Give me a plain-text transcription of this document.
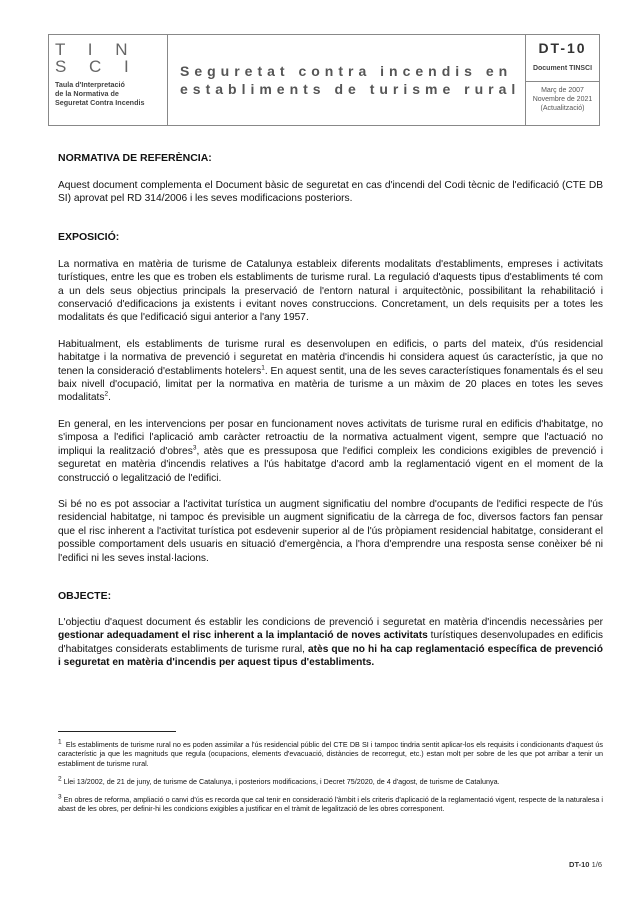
T I N S C I
Taula d'Interpretació
de la Normativa de
Seguretat Contra Incendis
Seguretat contra incendis en
establiments de turisme rural
DT-10
Document TINSCI
Març de 2007
Novembre de 2021
(Actualització)
NORMATIVA DE REFERÈNCIA:

Aquest document complementa el Document bàsic de seguretat en cas d'incendi del Codi tècnic de l'edificació (CTE DB SI) aprovat pel RD 314/2006 i les seves modificacions posteriors.

EXPOSICIÓ:

La normativa en matèria de turisme de Catalunya estableix diferents modalitats d'establiments, empreses i activitats turístiques, entre les que es troben els establiments de turisme rural. La regulació d'aquests tipus d'establiments té com a un dels seus objectius principals la preservació de l'entorn natural i arquitectònic, possibilitant la rehabilitació i conservació d'edificacions ja existents i evitant noves construccions. Concretament, un dels requisits per a totes les modalitats és que l'edificació sigui anterior a l'any 1957.

Habitualment, els establiments de turisme rural es desenvolupen en edificis, o parts del mateix, d'ús residencial habitatge i la normativa de prevenció i seguretat en matèria d'incendis hi considera aquest ús característic, ja que no tenen la consideració d'establiments hotelers$^1$. En aquest sentit, una de les seves característiques fonamentals és el seu baix nivell d'ocupació, limitat per la normativa en matèria de turisme a un màxim de 20 places en totes les seves modalitats$^2$.

En general, en les intervencions per posar en funcionament noves activitats de turisme rural en edificis d'habitatge, no s'imposa a l'edifici l'aplicació amb caràcter retroactiu de la normativa actualment vigent, sempre que l'actuació no impliqui la realització d'obres$^3$, atès que es pressuposa que l'edifici compleix les condicions exigibles de prevenció i seguretat en matèria d'incendis relatives a l'ús habitatge d'acord amb la reglamentació vigent en el moment de la construcció o legalització de l'edifici.

Si bé no es pot associar a l'activitat turística un augment significatiu del nombre d'ocupants de l'edifici respecte de l'ús residencial habitatge, ni tampoc és previsible un augment significatiu de la càrrega de foc, diversos factors fan pensar que el risc inherent a l'activitat turística pot esdevenir superior al de l'ús pròpiament residencial habitatge, considerant el possible comportament dels usuaris en situació d'emergència, a l'hora d'emprendre una resposta sense conèixer bé ni l'edifici ni les seves instal·lacions.

OBJECTE:

L'objectiu d'aquest document és establir les condicions de prevenció i seguretat en matèria d'incendis necessàries per gestionar adequadament el risc inherent a la implantació de noves activitats turístiques desenvolupades en edificis d'habitatges considerats establiments de turisme rural, atès que no hi ha cap reglamentació específica de prevenció i seguretat en matèria d'incendis per aquest tipus d'establiments.

$^1$ Els establiments de turisme rural no es poden assimilar a l'ús residencial públic del CTE DB SI i tampoc tindria sentit aplicar-los els requisits i condicionants d'aquest ús característic ja que les magnituds que regula (ocupacions, elements d'evacuació, distàncies de recorregut, etc.) estan molt per sobre de les que pot arribar a tenir un establiment de turisme rural.

$^2$ Llei 13/2002, de 21 de juny, de turisme de Catalunya, i posteriors modificacions, i Decret 75/2020, de 4 d'agost, de turisme de Catalunya.

$^3$ En obres de reforma, ampliació o canvi d'ús es recorda que cal tenir en consideració l'àmbit i els criteris d'aplicació de la reglamentació vigent, respecte de la naturalesa i abast de les obres, per definir-hi les condicions exigibles a justificar en el tràmit de legalització de les obres corresponent.

DT-10 1/6
